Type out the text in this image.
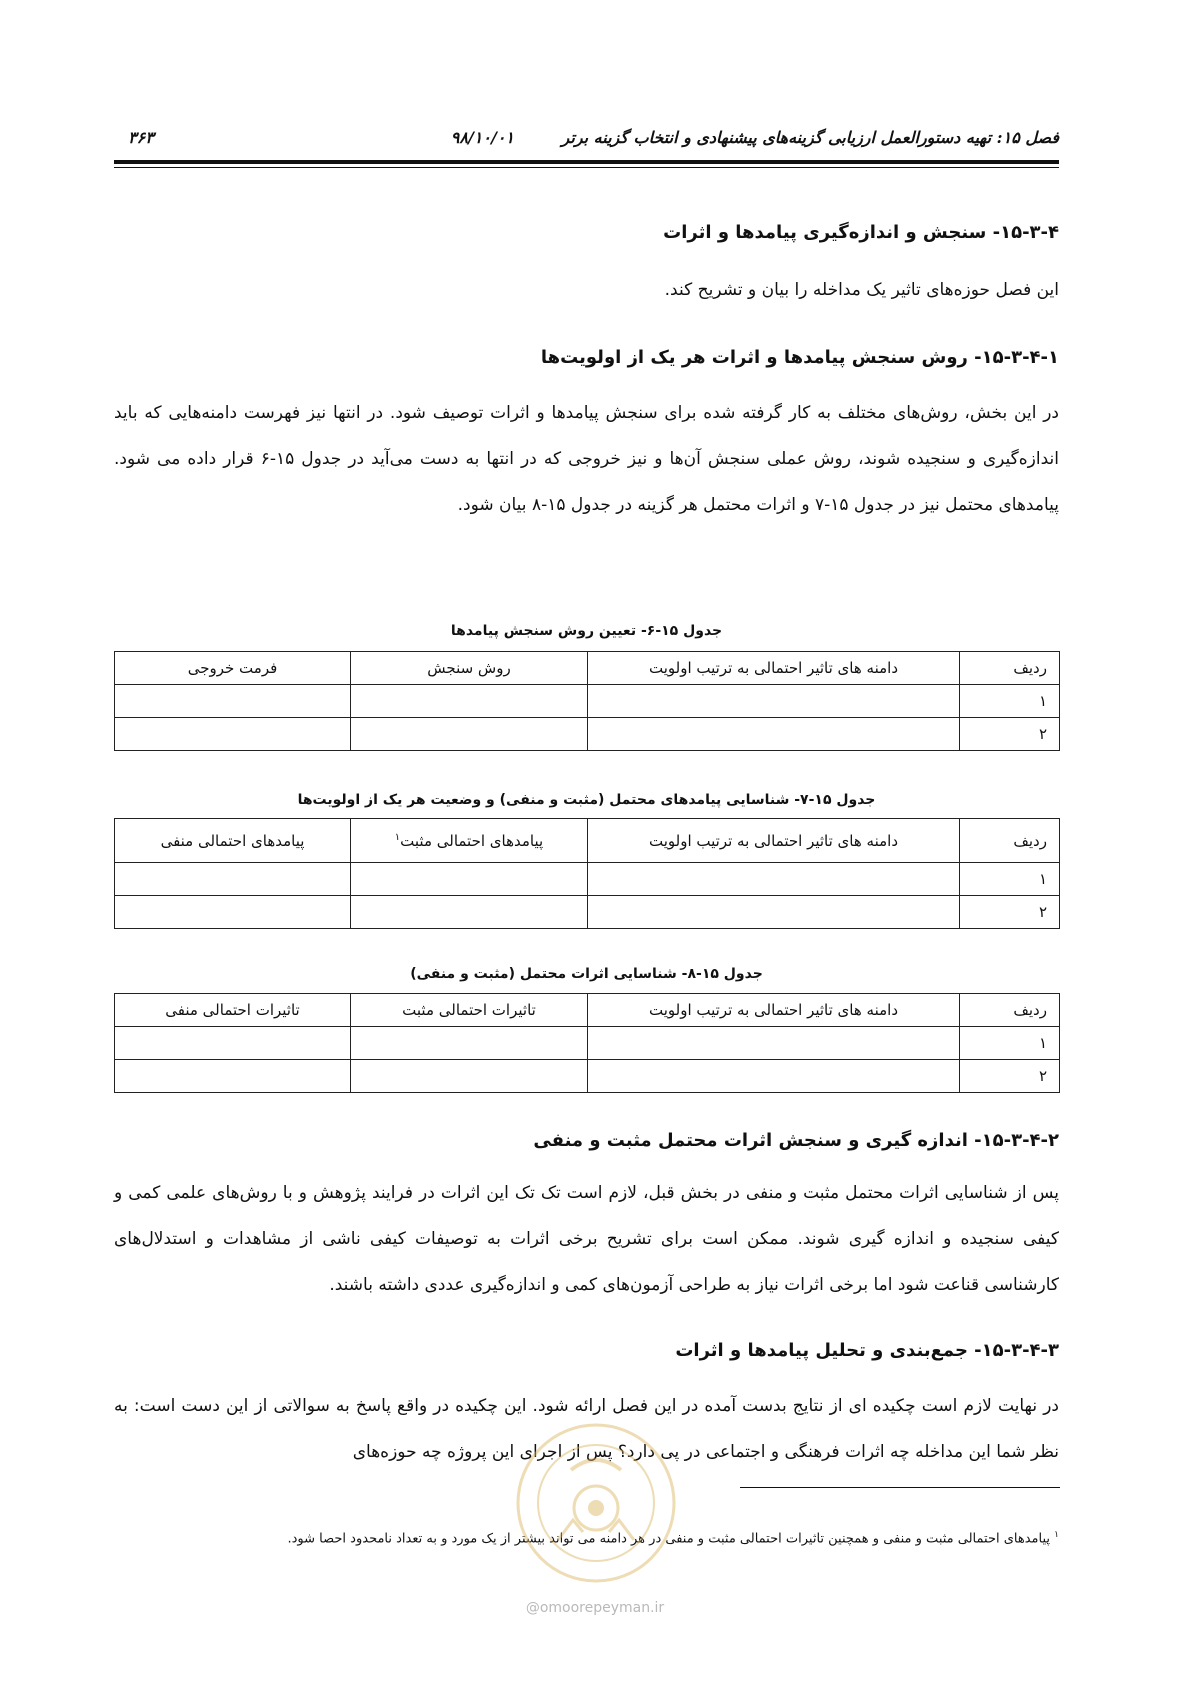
فصل ۱۵: تهیه دستورالعمل ارزیابی گزینه‌های پیشنهادی و انتخاب گزینه برتر
۹۸/۱۰/۰۱
۳۶۳
۱۵-۳-۴- سنجش و اندازه‌گیری پیامدها و اثرات
این فصل حوزه‌های تاثیر یک مداخله را بیان و تشریح کند.
۱۵-۳-۴-۱- روش سنجش پیامدها و اثرات هر یک از اولویت‌ها
در این بخش، روش‌های مختلف به کار گرفته شده برای سنجش پیامدها و اثرات توصیف شود. در انتها نیز فهرست دامنه‌هایی که باید اندازه‌گیری و سنجیده شوند، روش عملی سنجش آن‌ها و نیز خروجی که در انتها به دست می‌آید در جدول ۱۵-۶ قرار داده می شود. پیامدهای محتمل نیز در جدول ۱۵-۷ و اثرات محتمل هر گزینه در جدول ۱۵-۸ بیان شود.
جدول ۱۵-۶- تعیین روش سنجش پیامدها
ردیف	دامنه های تاثیر احتمالی به ترتیب اولویت	روش سنجش	فرمت خروجی
۱			
۲			
جدول ۱۵-۷- شناسایی پیامدهای محتمل (مثبت و منفی) و وضعیت هر یک از اولویت‌ها
ردیف	دامنه های تاثیر احتمالی به ترتیب اولویت	پیامدهای احتمالی مثبت$^۱$	پیامدهای احتمالی منفی
۱			
۲			
جدول ۱۵-۸- شناسایی اثرات محتمل (مثبت و منفی)
ردیف	دامنه های تاثیر احتمالی به ترتیب اولویت	تاثیرات احتمالی مثبت	تاثیرات احتمالی منفی
۱			
۲			
۱۵-۳-۴-۲- اندازه گیری و سنجش اثرات محتمل مثبت و منفی
پس از شناسایی اثرات محتمل مثبت و منفی در بخش قبل، لازم است تک تک این اثرات در فرایند پژوهش و با روش‌های علمی کمی و کیفی سنجیده و اندازه گیری شوند. ممکن است برای تشریح برخی اثرات به توصیفات کیفی ناشی از مشاهدات و استدلال‌های کارشناسی قناعت شود اما برخی اثرات نیاز به طراحی آزمون‌های کمی و اندازه‌گیری عددی داشته باشند.
۱۵-۳-۴-۳- جمع‌بندی و تحلیل پیامدها و اثرات
در نهایت لازم است چکیده ای از نتایج بدست آمده در این فصل ارائه شود. این چکیده در واقع پاسخ به سوالاتی از این دست است: به نظر شما این مداخله چه اثرات فرهنگی و اجتماعی در پی دارد؟ پس از اجرای این پروژه چه حوزه‌های
$^۱$ پیامدهای احتمالی مثبت و منفی و همچنین تاثیرات احتمالی مثبت و منفی در هر دامنه می تواند بیشتر از یک مورد و به تعداد نامحدود احصا شود.
@omoorepeyman.ir
